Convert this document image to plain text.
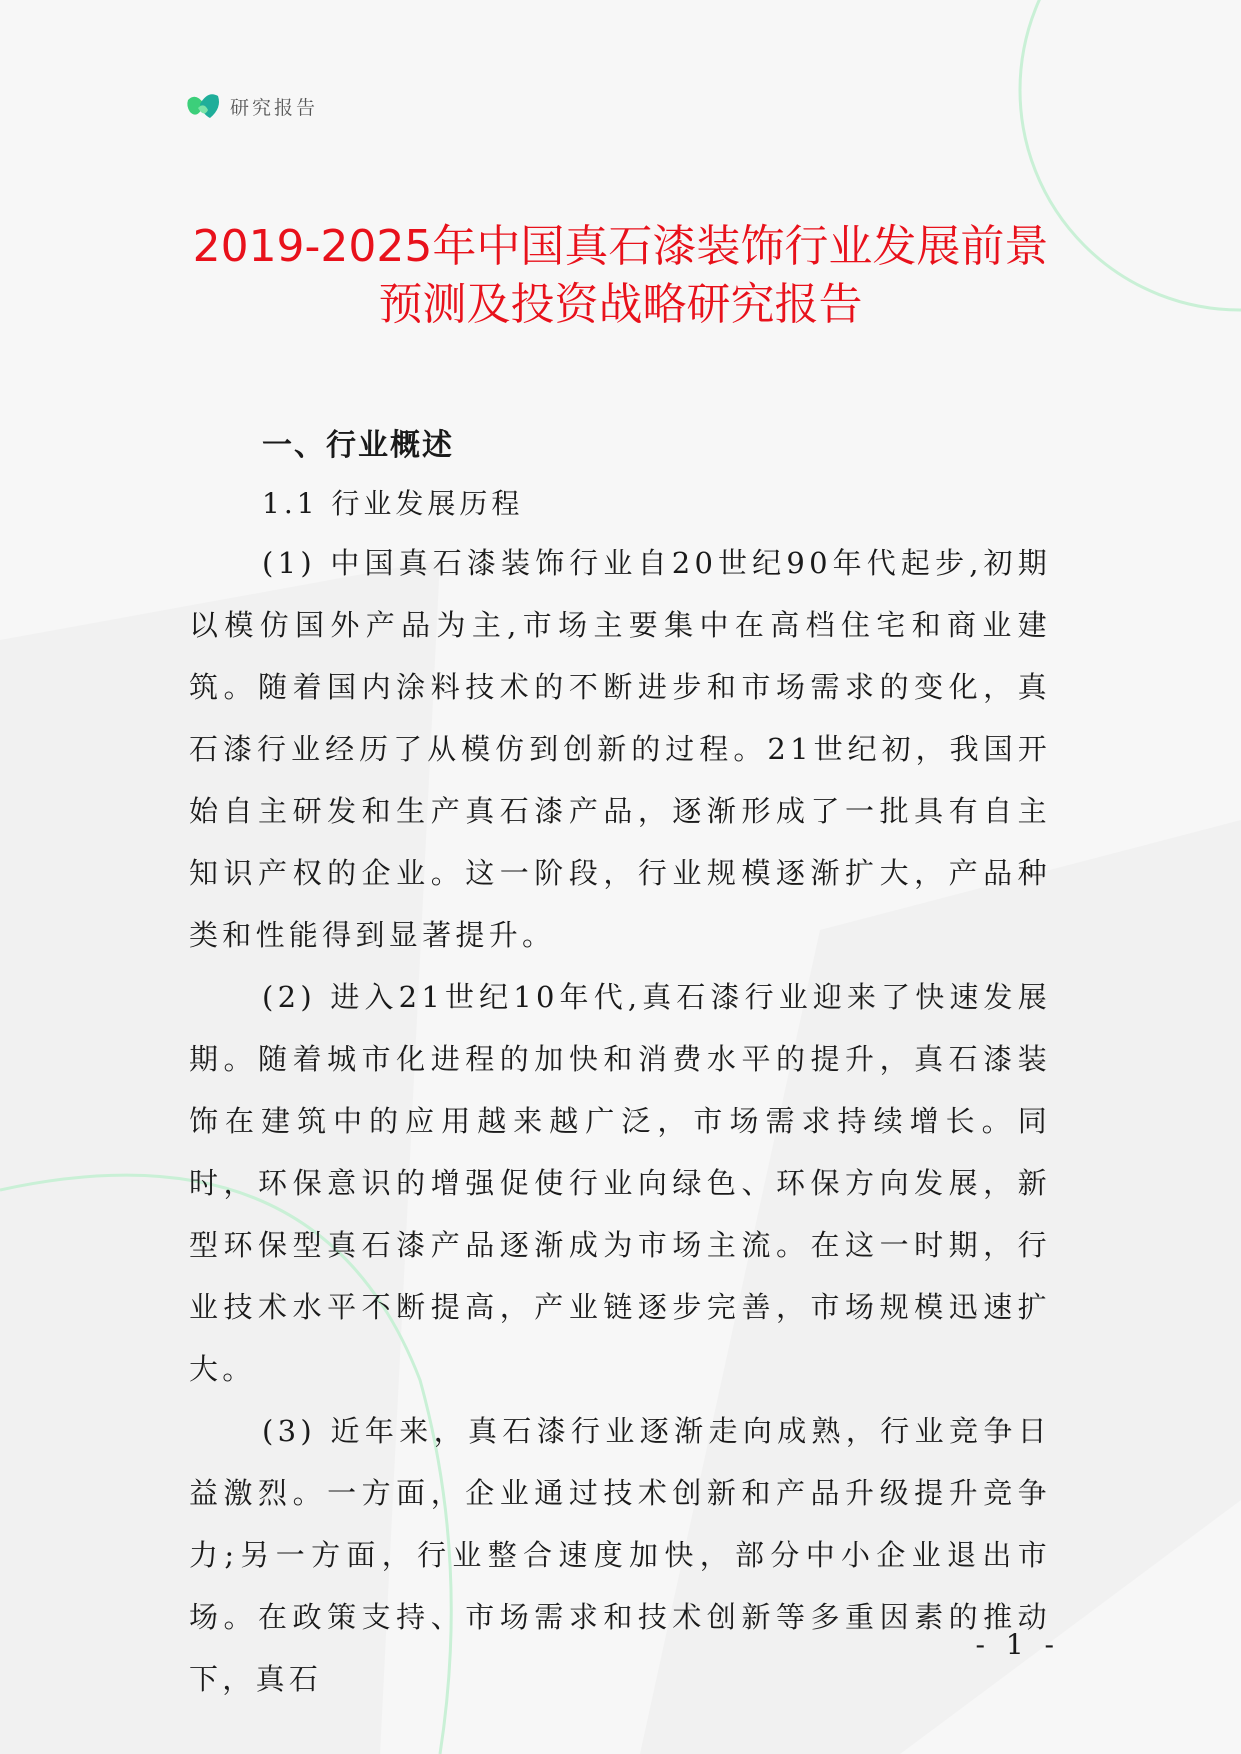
研究报告
2019-2025年中国真石漆装饰行业发展前景
预测及投资战略研究报告
一、行业概述
1.1 行业发展历程

(1) 中国真石漆装饰行业自20世纪90年代起步,初期以模仿国外产品为主,市场主要集中在高档住宅和商业建筑。随着国内涂料技术的不断进步和市场需求的变化，真石漆行业经历了从模仿到创新的过程。21世纪初，我国开始自主研发和生产真石漆产品，逐渐形成了一批具有自主知识产权的企业。这一阶段，行业规模逐渐扩大，产品种类和性能得到显著提升。

(2) 进入21世纪10年代,真石漆行业迎来了快速发展期。随着城市化进程的加快和消费水平的提升，真石漆装饰在建筑中的应用越来越广泛，市场需求持续增长。同时，环保意识的增强促使行业向绿色、环保方向发展，新型环保型真石漆产品逐渐成为市场主流。在这一时期，行业技术水平不断提高，产业链逐步完善，市场规模迅速扩大。

(3) 近年来，真石漆行业逐渐走向成熟，行业竞争日益激烈。一方面，企业通过技术创新和产品升级提升竞争力;另一方面，行业整合速度加快，部分中小企业退出市场。在政策支持、市场需求和技术创新等多重因素的推动下，真石

- 1 -
